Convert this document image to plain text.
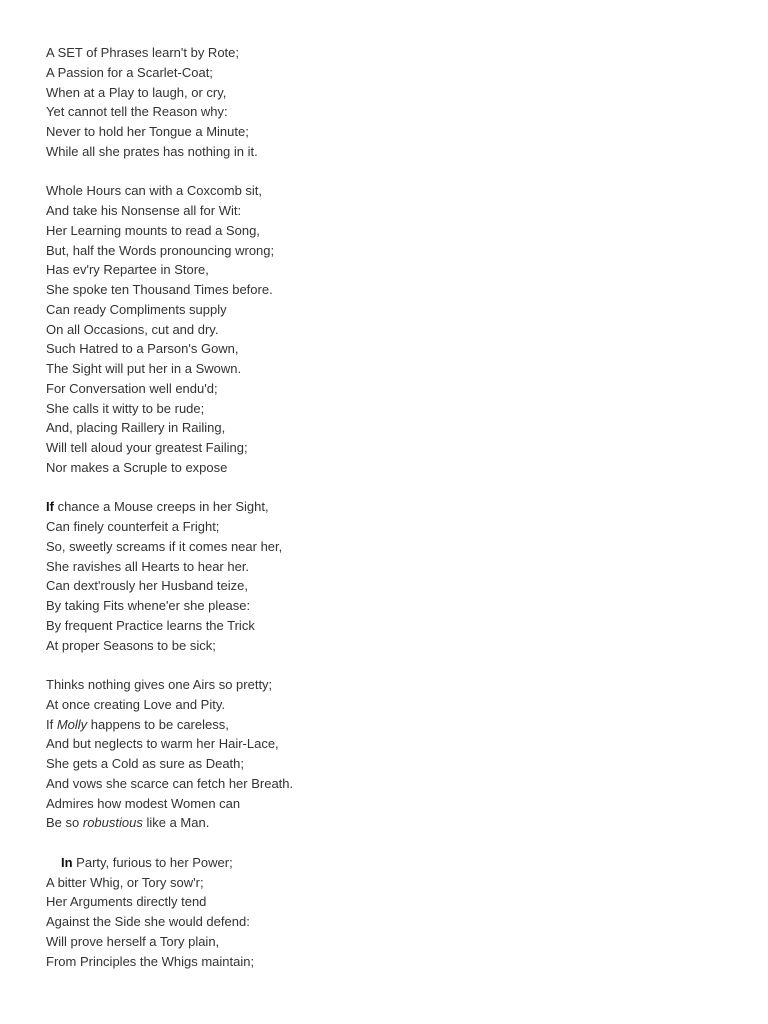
A SET of Phrases learn't by Rote;
A Passion for a Scarlet-Coat;
When at a Play to laugh, or cry,
Yet cannot tell the Reason why:
Never to hold her Tongue a Minute;
While all she prates has nothing in it.
Whole Hours can with a Coxcomb sit,
And take his Nonsense all for Wit:
Her Learning mounts to read a Song,
But, half the Words pronouncing wrong;
Has ev'ry Repartee in Store,
She spoke ten Thousand Times before.
Can ready Compliments supply
On all Occasions, cut and dry.
Such Hatred to a Parson's Gown,
The Sight will put her in a Swown.
For Conversation well endu'd;
She calls it witty to be rude;
And, placing Raillery in Railing,
Will tell aloud your greatest Failing;
Nor makes a Scruple to expose
If chance a Mouse creeps in her Sight,
Can finely counterfeit a Fright;
So, sweetly screams if it comes near her,
She ravishes all Hearts to hear her.
Can dext'rously her Husband teize,
By taking Fits whene'er she please:
By frequent Practice learns the Trick
At proper Seasons to be sick;
Thinks nothing gives one Airs so pretty;
At once creating Love and Pity.
If Molly happens to be careless,
And but neglects to warm her Hair-Lace,
She gets a Cold as sure as Death;
And vows she scarce can fetch her Breath.
Admires how modest Women can
Be so robustious like a Man.
In Party, furious to her Power;
A bitter Whig, or Tory sow'r;
Her Arguments directly tend
Against the Side she would defend:
Will prove herself a Tory plain,
From Principles the Whigs maintain;
